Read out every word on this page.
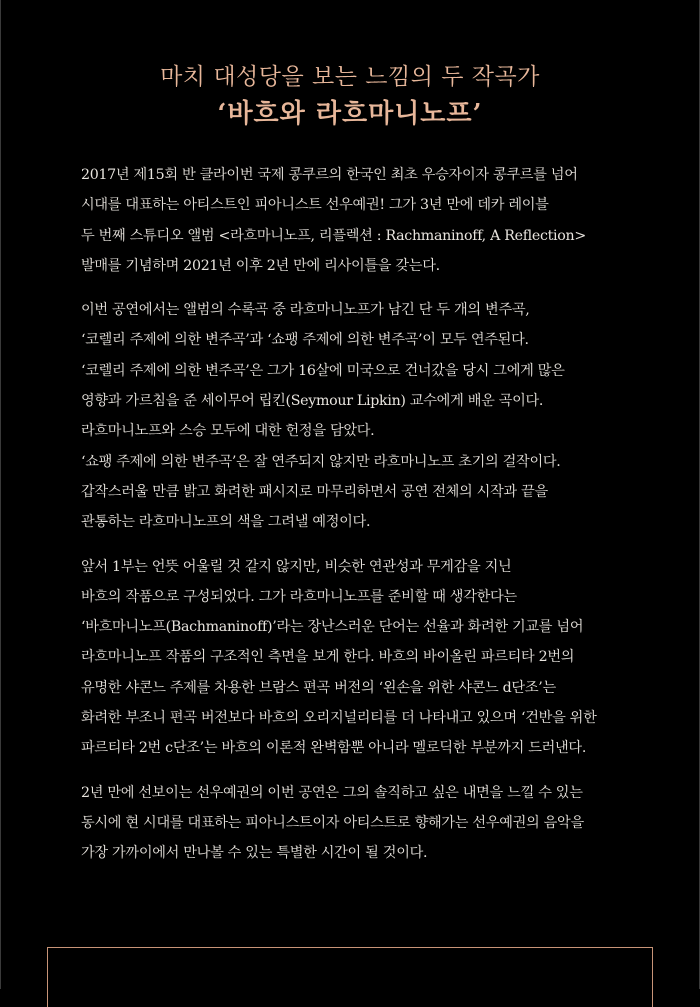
마치 대성당을 보는 느낌의 두 작곡가
‘바흐와 라흐마니노프’

2017년 제15회 반 클라이번 국제 콩쿠르의 한국인 최초 우승자이자 콩쿠르를 넘어
시대를 대표하는 아티스트인 피아니스트 선우예권! 그가 3년 만에 데카 레이블
두 번째 스튜디오 앨범 <라흐마니노프, 리플렉션 : Rachmaninoff, A Reflection>
발매를 기념하며 2021년 이후 2년 만에 리사이틀을 갖는다.

이번 공연에서는 앨범의 수록곡 중 라흐마니노프가 남긴 단 두 개의 변주곡,
‘코렐리 주제에 의한 변주곡’과 ‘쇼팽 주제에 의한 변주곡’이 모두 연주된다.
‘코렐리 주제에 의한 변주곡’은 그가 16살에 미국으로 건너갔을 당시 그에게 많은
영향과 가르침을 준 세이무어 립킨(Seymour Lipkin) 교수에게 배운 곡이다.
라흐마니노프와 스승 모두에 대한 헌정을 담았다.
‘쇼팽 주제에 의한 변주곡’은 잘 연주되지 않지만 라흐마니노프 초기의 걸작이다.
갑작스러울 만큼 밝고 화려한 패시지로 마무리하면서 공연 전체의 시작과 끝을
관통하는 라흐마니노프의 색을 그려낼 예정이다.

앞서 1부는 언뜻 어울릴 것 같지 않지만, 비슷한 연관성과 무게감을 지닌
바흐의 작품으로 구성되었다. 그가 라흐마니노프를 준비할 때 생각한다는
‘바흐마니노프(Bachmaninoff)’라는 장난스러운 단어는 선율과 화려한 기교를 넘어
라흐마니노프 작품의 구조적인 측면을 보게 한다. 바흐의 바이올린 파르티타 2번의
유명한 샤콘느 주제를 차용한 브람스 편곡 버전의 ‘왼손을 위한 샤콘느 d단조’는
화려한 부조니 편곡 버전보다 바흐의 오리지널리티를 더 나타내고 있으며 ‘건반을 위한
파르티타 2번 c단조’는 바흐의 이론적 완벽함뿐 아니라 멜로딕한 부분까지 드러낸다.

2년 만에 선보이는 선우예권의 이번 공연은 그의 솔직하고 싶은 내면을 느낄 수 있는
동시에 현 시대를 대표하는 피아니스트이자 아티스트로 향해가는 선우예권의 음악을
가장 가까이에서 만나볼 수 있는 특별한 시간이 될 것이다.
